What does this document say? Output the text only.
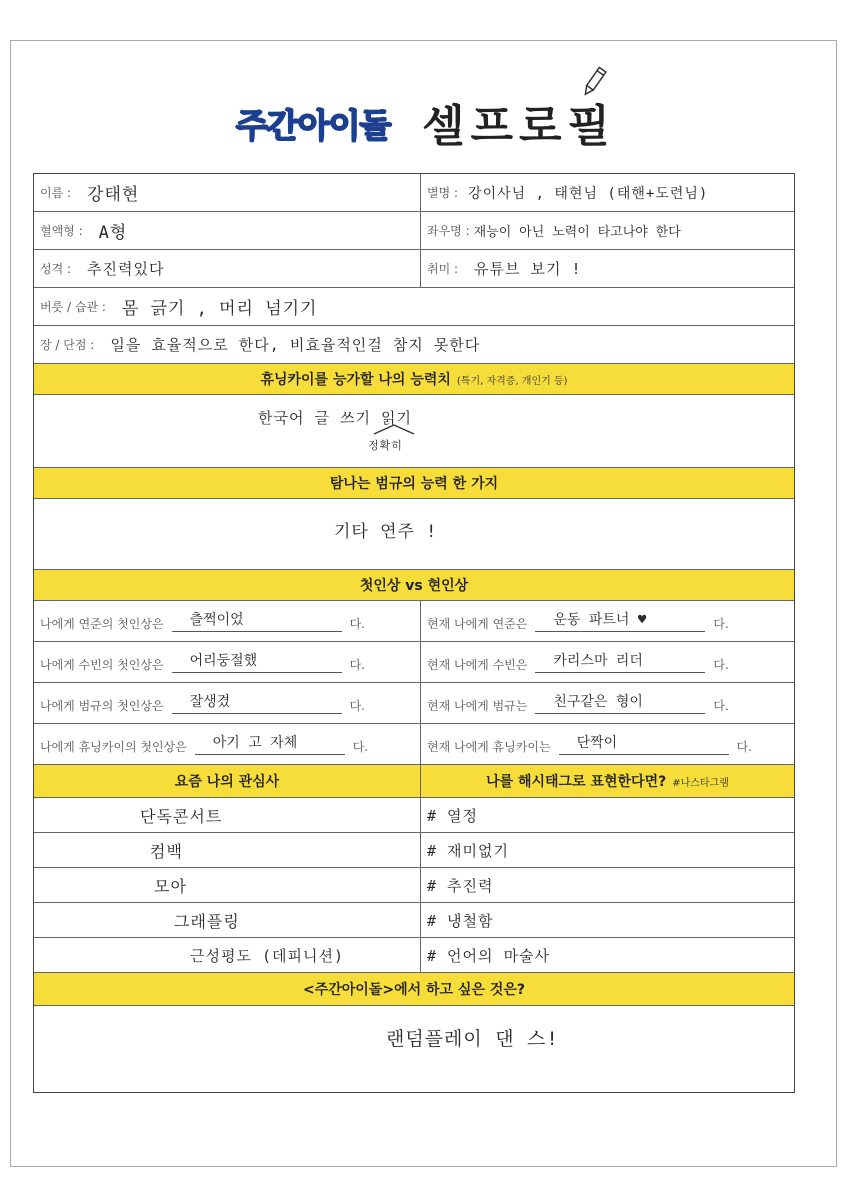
주간아이돌 셀프로필
이름 : 강태현	별명 : 강이사님 , 태현님 (태핸+도련님)
혈액형 : A형	좌우명 : 재능이 아닌 노력이 타고나야 한다
성격 : 추진력있다	취미 : 유튜브 보기 !
버릇 / 습관 : 몸 긁기 , 머리 넘기기
장 / 단점 : 일을 효율적으로 한다, 비효율적인걸 참지 못한다
휴닝카이를 능가할 나의 능력치 (특기, 자격증, 개인기 등)
한국어 글 쓰기 읽기
정확히
탐나는 범규의 능력 한 가지
기타 연주 !
첫인상 vs 현인상
나에게 연준의 첫인상은 츨쩍이었	다.	현재 나에게 연준은 운동 파트너 ♥	다.
나에게 수빈의 첫인상은 어리둥절했	다.	현재 나에게 수빈은 카리스마 리더	다.
나에게 범규의 첫인상은 잘생겼	다.	현재 나에게 범규는 친구같은 형이	다.
나에게 휴닝카이의 첫인상은 아기 고 자체	다.	현재 나에게 휴닝카이는 단짝이	다.
요즘 나의 관심사	나를 해시태그로 표현한다면? #나스타그램
단독콘서트	# 열정
컴백	# 재미없기
모아	# 추진력
그래플링	# 냉철함
근성평도 (데피니션)	# 언어의 마술사
<주간아이돌>에서 하고 싶은 것은?
랜덤플레이 댄 스!
